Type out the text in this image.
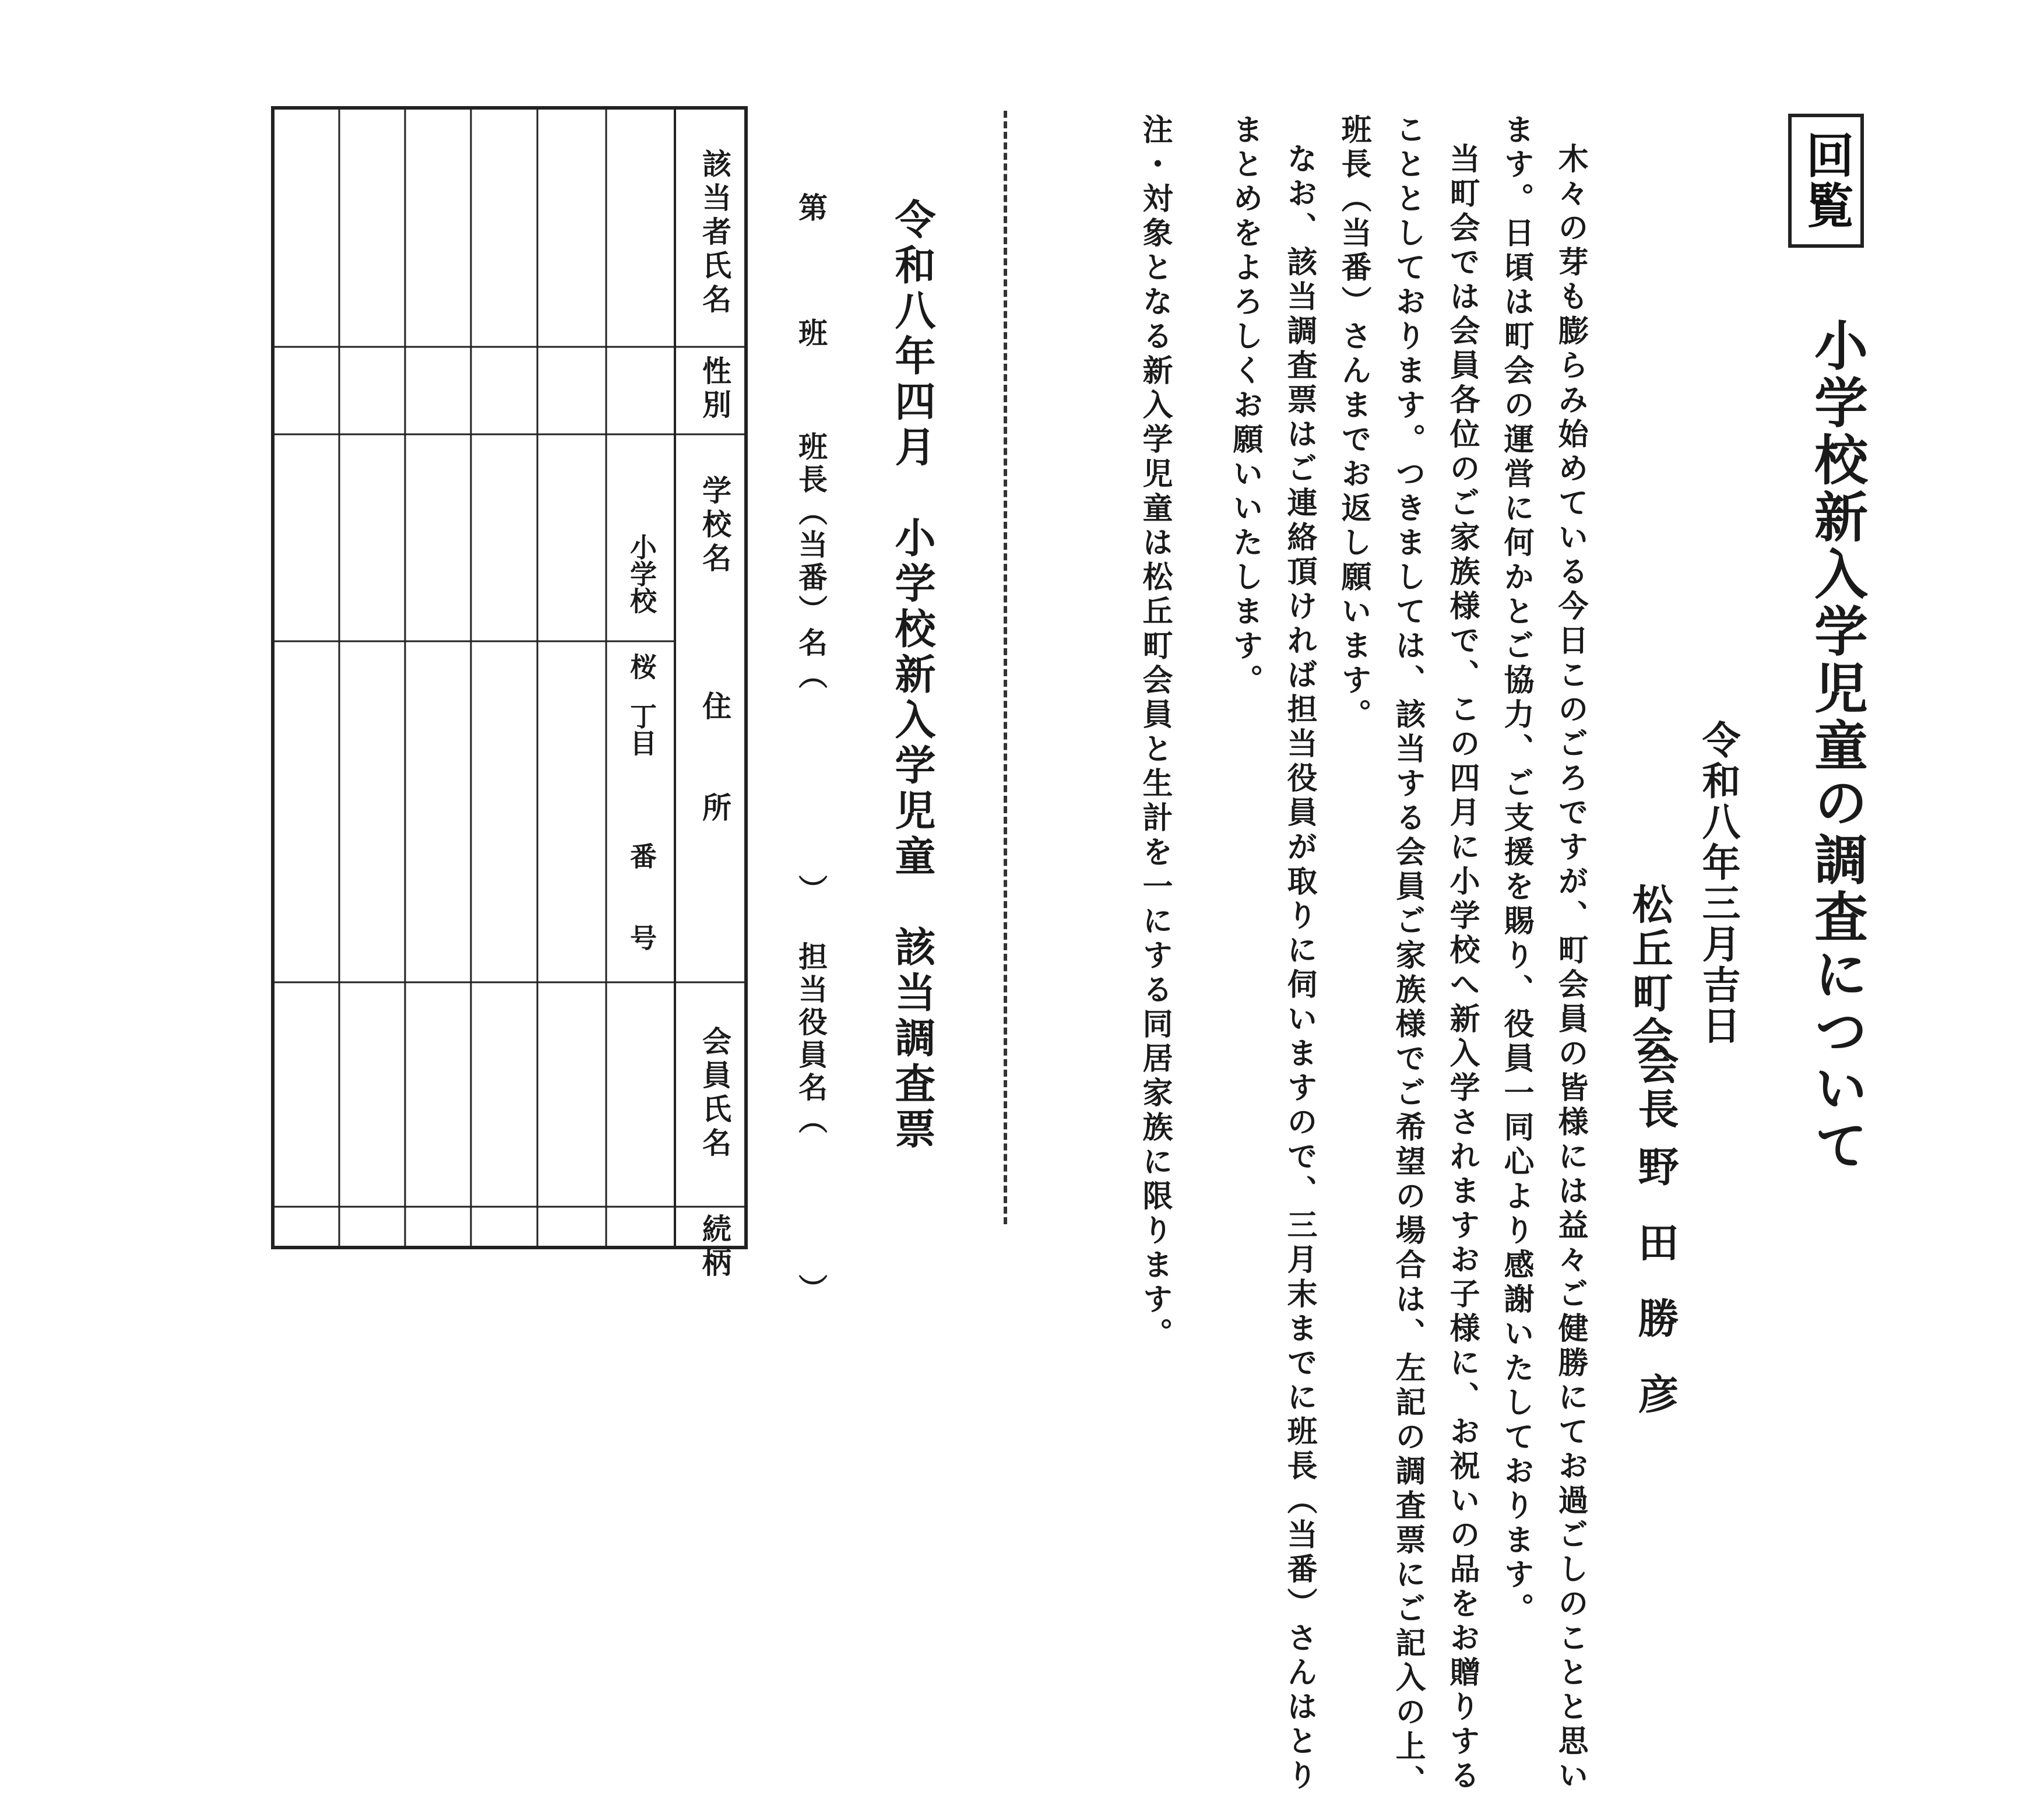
回覧
小学校新入学児童の調査について
令和八年三月吉日
松丘町会
会長
野田勝彦
木々の芽も膨らみ始めている今日このごろですが、町会員の皆様には益々ご健勝にてお過ごしのことと思い
ます。日頃は町会の運営に何かとご協力、ご支援を賜り、役員一同心より感謝いたしております。
当町会では会員各位のご家族様で、この四月に小学校へ新入学されますお子様に、お祝いの品をお贈りする
こととしております。つきましては、該当する会員ご家族様でご希望の場合は、左記の調査票にご記入の上、
班長（当番）さんまでお返し願います。
なお、該当調査票はご連絡頂ければ担当役員が取りに伺いますので、三月末までに班長（当番）さんはとり
まとめをよろしくお願いいたします。
注・対象となる新入学児童は松丘町会員と生計を一にする同居家族に限ります。
令和八年四月　小学校新入学児童　該当調査票
第
班
班長（当番）名（
）
担当役員名（
）
該当者氏名
性別
学校名
住　　所
会員氏名
続柄
小学校
桜
丁目
番
号
